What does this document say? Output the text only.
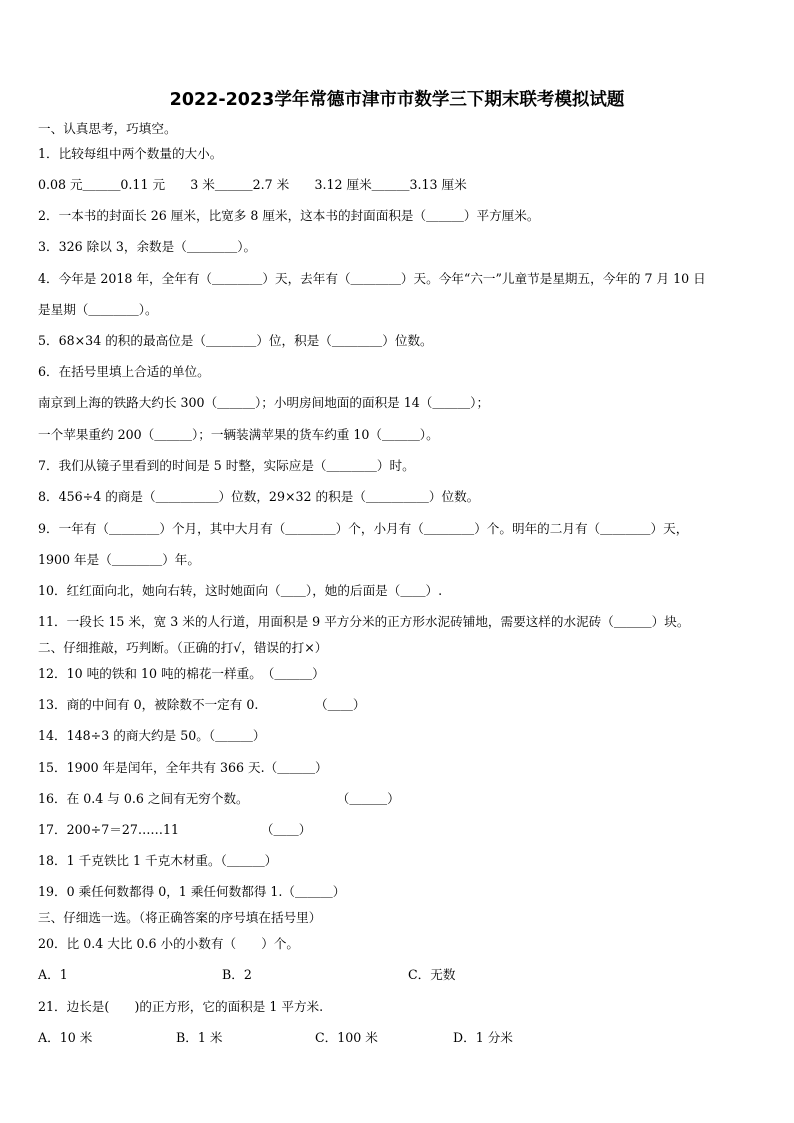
2022-2023学年常德市津市市数学三下期末联考模拟试题
一、认真思考，巧填空。
1．比较每组中两个数量的大小。
0.08 元＿＿＿0.11 元　　3 米＿＿＿2.7 米　　3.12 厘米＿＿＿3.13 厘米
2．一本书的封面长 26 厘米，比宽多 8 厘米，这本书的封面面积是（＿＿＿）平方厘米。
3．326 除以 3，余数是（＿＿＿＿）。
4．今年是 2018 年，全年有（＿＿＿＿）天，去年有（＿＿＿＿）天。今年“六一”儿童节是星期五，今年的 7 月 10 日
是星期（＿＿＿＿）。
5．68×34 的积的最高位是（＿＿＿＿）位，积是（＿＿＿＿）位数。
6．在括号里填上合适的单位。
南京到上海的铁路大约长 300（＿＿＿）；小明房间地面的面积是 14（＿＿＿）；
一个苹果重约 200（＿＿＿）；一辆装满苹果的货车约重 10（＿＿＿）。
7．我们从镜子里看到的时间是 5 时整，实际应是（＿＿＿＿）时。
8．456÷4 的商是（＿＿＿＿＿）位数，29×32 的积是（＿＿＿＿＿）位数。
9．一年有（＿＿＿＿）个月，其中大月有（＿＿＿＿）个，小月有（＿＿＿＿）个。明年的二月有（＿＿＿＿）天，
1900 年是（＿＿＿＿）年。
10．红红面向北，她向右转，这时她面向（＿＿），她的后面是（＿＿）.
11．一段长 15 米，宽 3 米的人行道，用面积是 9 平方分米的正方形水泥砖铺地，需要这样的水泥砖（＿＿＿）块。
二、仔细推敲，巧判断。（正确的打√，错误的打×）
12．10 吨的铁和 10 吨的棉花一样重。　（＿＿＿）
13．商的中间有 0，被除数不一定有 0.　　　　　（＿＿）
14．148÷3 的商大约是 50。（＿＿＿）
15．1900 年是闰年，全年共有 366 天.（＿＿＿）
16．在 0.4 与 0.6 之间有无穷个数。　　　　　　　　（＿＿＿）
17．200÷7＝27……11　　　　　　　（＿＿）
18．1 千克铁比 1 千克木材重。（＿＿＿）
19．0 乘任何数都得 0，1 乘任何数都得 1.（＿＿＿）
三、仔细选一选。（将正确答案的序号填在括号里）
20．比 0.4 大比 0.6 小的小数有（　　）个。
A．1	B．2	C．无数
21．边长是(　　)的正方形，它的面积是 1 平方米.
A．10 米	B．1 米	C．100 米	D．1 分米
